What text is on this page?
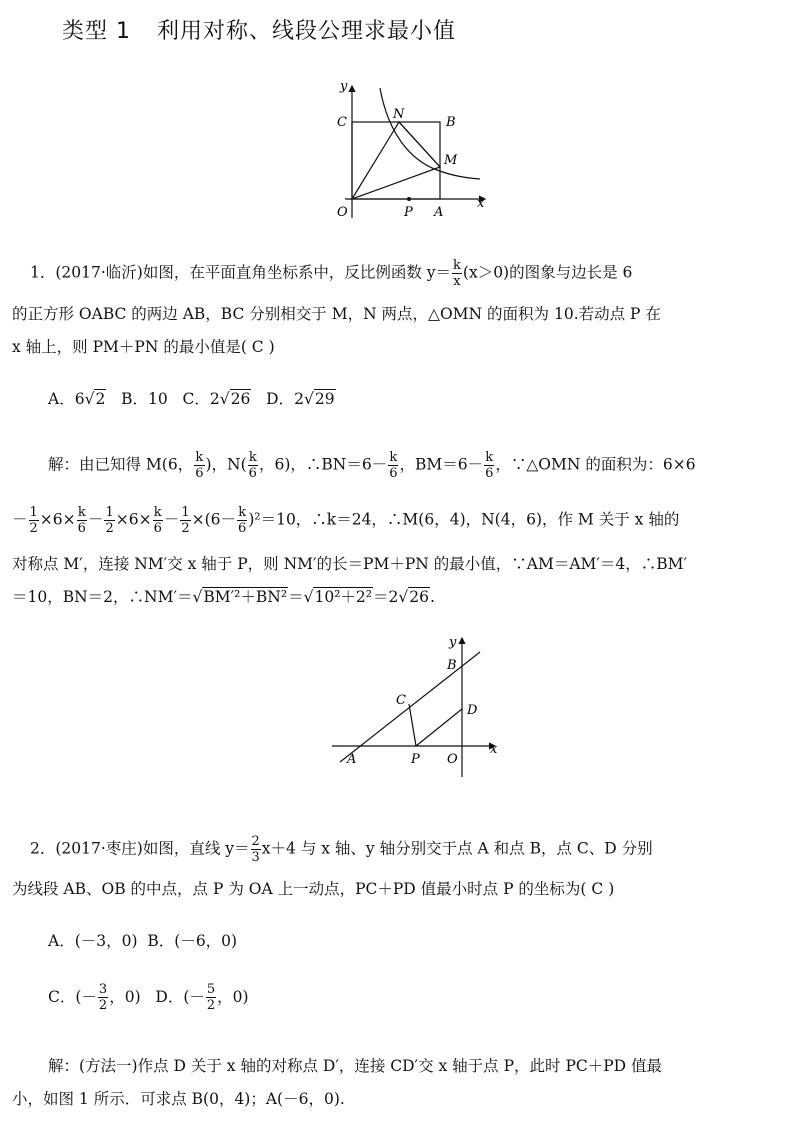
类型 1 利用对称、线段公理求最小值
y
C
N
B
M
O	P A
x
1．(2017·临沂)如图，在平面直角坐标系中，反比例函数 $y= \frac{k}{x} (x>0)$的图象与边长是 6
的正方形 OABC 的两边 AB，BC 分别相交于 M，N 两点，△OMN 的面积为 10.若动点 P 在
x 轴上，则 PM＋PN 的最小值是( C )
A．6√2 B．10 C．2√26 D．2√29
解：由已知得 M(6， $\frac{k}{6}$ )，$N( \frac{k}{6}$ ，6)，∴BN＝6－ $\frac{k}{6}$ ，$BM=6- \frac{k}{6}$ ，∵△OMN 的面积为：6×6
－ $\frac{1}{2} \times 6\times \frac{k}{6} - \frac{1}{2} \times 6\times \frac{k}{6} - \frac{1}{2} \times(6- \frac{k}{6} )^2=10$，∴k＝24，∴M(6，4)，N(4，6)，作 M 关于 x 轴的
对称点 M′，连接 NM′交 x 轴于 P，则 NM′的长＝PM＋PN 的最小值，∵AM＝AM′＝4，∴BM′
＝10，BN＝2，∴NM′＝√BM′²＋BN²＝√10²＋2²＝2√26.
y
B
C
D
A	P O
x
2．(2017·枣庄)如图，直线 $y= \frac{2}{3} x+4$ 与 x 轴、y 轴分别交于点 A 和点 B，点 C、D 分别
为线段 AB、OB 的中点，点 P 为 OA 上一动点，PC＋PD 值最小时点 P 的坐标为( C )
A．(－3，0) B．(－6，0)
C．(－ $\frac{3}{2}$ ，0) D．(－ $\frac{5}{2}$ ，0)
解：(方法一)作点 D 关于 x 轴的对称点 D′，连接 CD′交 x 轴于点 P，此时 PC＋PD 值最
小，如图 1 所示．可求点 B(0，4)；A(－6，0).
